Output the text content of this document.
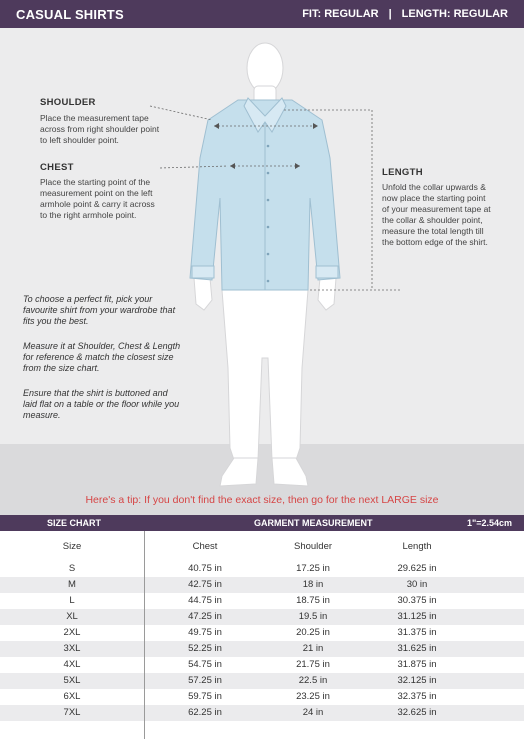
CASUAL SHIRTS	FIT: REGULAR | LENGTH: REGULAR
SHOULDER
Place the measurement tape
across from right shoulder point
to left shoulder point.
CHEST
Place the starting point of the
measurement point on the left
armhole point & carry it across
to the right armhole point.
LENGTH
Unfold the collar upwards &
now place the starting point
of your measurement tape at
the collar & shoulder point,
measure the total length till
the bottom edge of the shirt.
To choose a perfect fit, pick your
favourite shirt from your wardrobe that
fits you the best.
Measure it at Shoulder, Chest & Length
for reference & match the closest size
from the size chart.
Ensure that the shirt is buttoned and
laid flat on a table or the floor while you
measure.
Here's a tip: If you don't find the exact size, then go for the next LARGE size
SIZE CHART	GARMENT MEASUREMENT	1"=2.54cm
Size	Chest	Shoulder	Length
S	40.75 in	17.25 in	29.625 in
M	42.75 in	18 in	30 in
L	44.75 in	18.75 in	30.375 in
XL	47.25 in	19.5 in	31.125 in
2XL	49.75 in	20.25 in	31.375 in
3XL	52.25 in	21 in	31.625 in
4XL	54.75 in	21.75 in	31.875 in
5XL	57.25 in	22.5 in	32.125 in
6XL	59.75 in	23.25 in	32.375 in
7XL	62.25 in	24 in	32.625 in
